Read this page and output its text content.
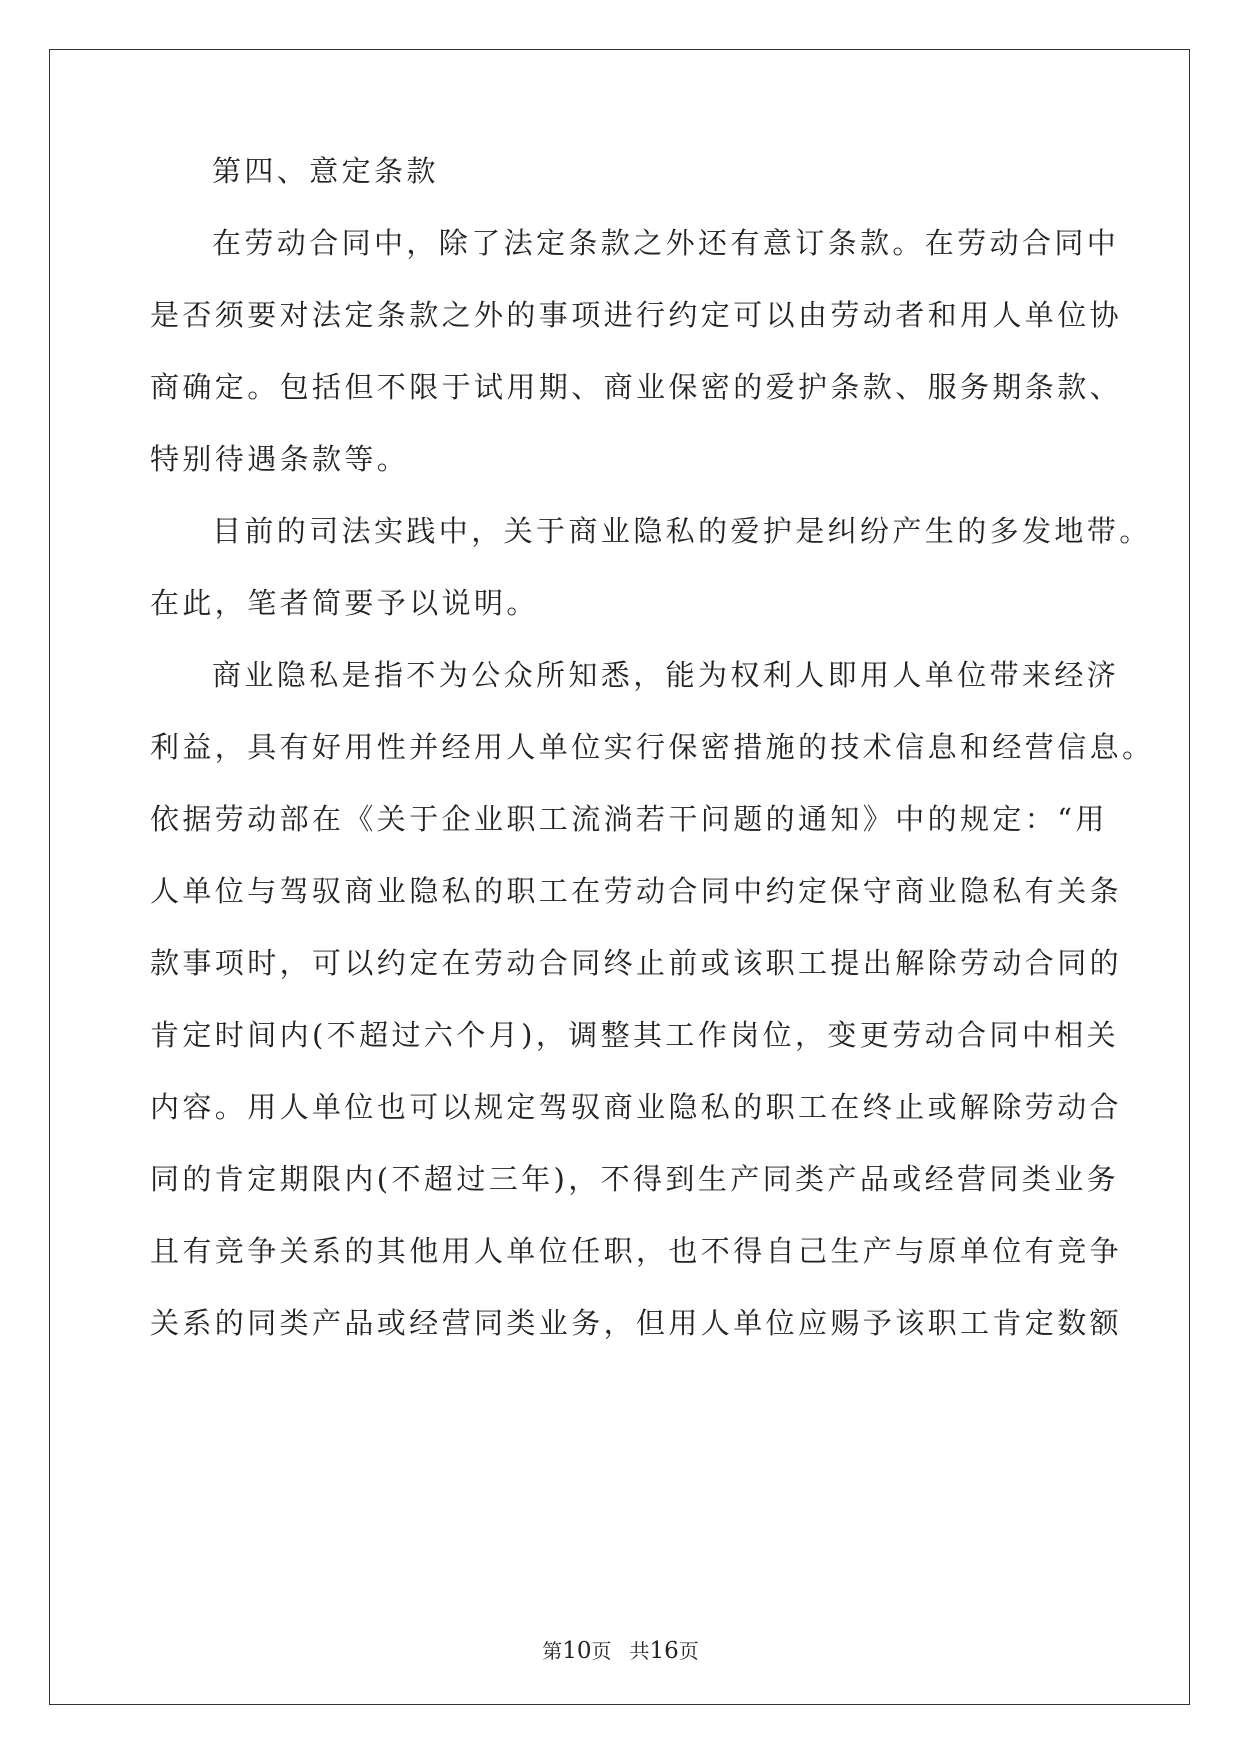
第四、意定条款
在劳动合同中，除了法定条款之外还有意订条款。在劳动合同中
是否须要对法定条款之外的事项进行约定可以由劳动者和用人单位协
商确定。包括但不限于试用期、商业保密的爱护条款、服务期条款、
特别待遇条款等。
目前的司法实践中，关于商业隐私的爱护是纠纷产生的多发地带。
在此，笔者简要予以说明。
商业隐私是指不为公众所知悉，能为权利人即用人单位带来经济
利益，具有好用性并经用人单位实行保密措施的技术信息和经营信息。
依据劳动部在《关于企业职工流淌若干问题的通知》中的规定：“用
人单位与驾驭商业隐私的职工在劳动合同中约定保守商业隐私有关条
款事项时，可以约定在劳动合同终止前或该职工提出解除劳动合同的
肯定时间内(不超过六个月)，调整其工作岗位，变更劳动合同中相关
内容。用人单位也可以规定驾驭商业隐私的职工在终止或解除劳动合
同的肯定期限内(不超过三年)，不得到生产同类产品或经营同类业务
且有竞争关系的其他用人单位任职，也不得自己生产与原单位有竞争
关系的同类产品或经营同类业务，但用人单位应赐予该职工肯定数额
第10页 共16页
